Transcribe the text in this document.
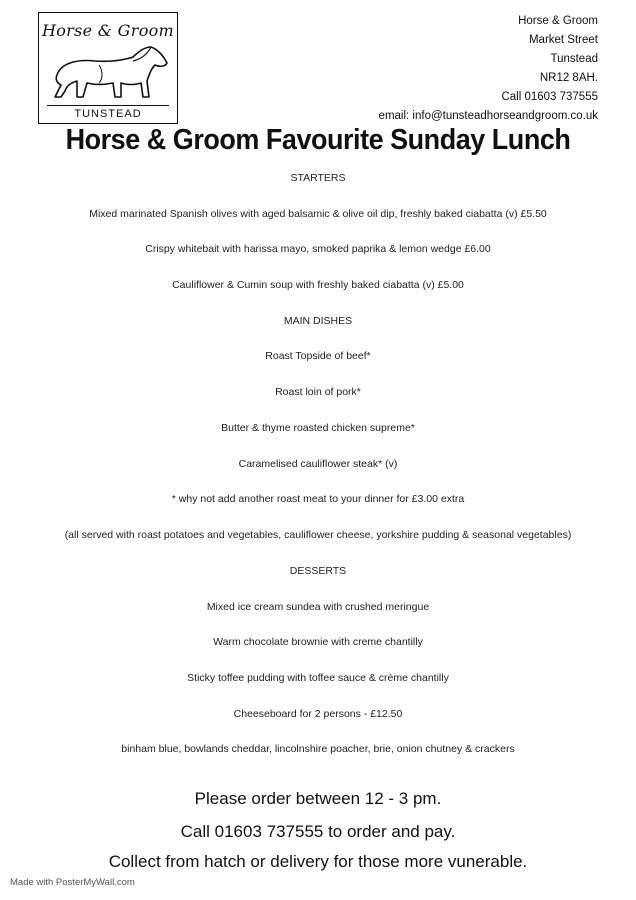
Horse & Groom
TUNSTEAD
Horse & Groom
Market Street
Tunstead
NR12 8AH.
Call 01603 737555
email: info@tunsteadhorseandgroom.co.uk
Horse & Groom Favourite Sunday Lunch
STARTERS
Mixed marinated Spanish olives with aged balsamic & olive oil dip, freshly baked ciabatta (v) £5.50
Crispy whitebait with harissa mayo, smoked paprika & lemon wedge £6.00
Cauliflower & Cumin soup with freshly baked ciabatta (v) £5.00
MAIN DISHES
Roast Topside of beef*
Roast loin of pork*
Butter & thyme roasted chicken supreme*
Caramelised cauliflower steak* (v)
* why not add another roast meat to your dinner for £3.00 extra
(all served with roast potatoes and vegetables, cauliflower cheese, yorkshire pudding & seasonal vegetables)
DESSERTS
Mixed ice cream sundea with crushed meringue
Warm chocolate brownie with creme chantilly
Sticky toffee pudding with toffee sauce & crème chantilly
Cheeseboard for 2 persons - £12.50
binham blue, bowlands cheddar, lincolnshire poacher, brie, onion chutney & crackers
Please order between 12 - 3 pm.
Call 01603 737555 to order and pay.
Collect from hatch or delivery for those more vunerable.
Made with PosterMyWall.com
